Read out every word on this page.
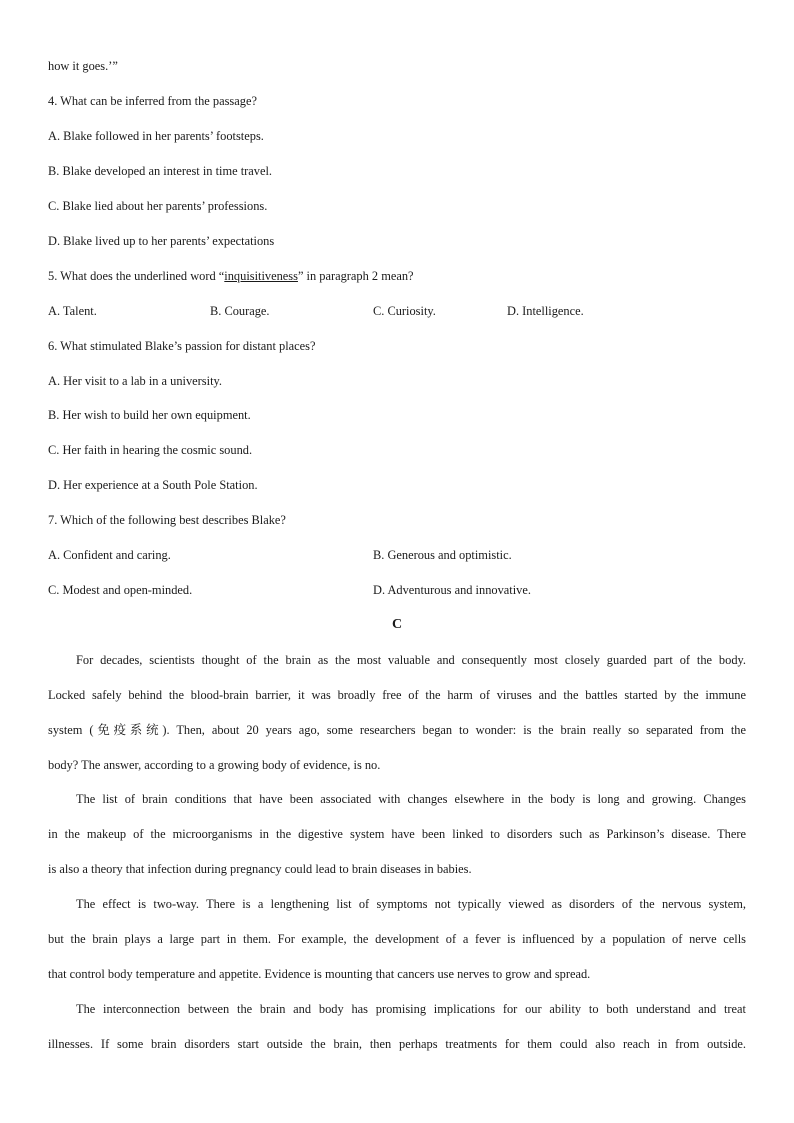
how it goes.’”
4. What can be inferred from the passage?
A. Blake followed in her parents’ footsteps.
B. Blake developed an interest in time travel.
C. Blake lied about her parents’ professions.
D. Blake lived up to her parents’ expectations
5. What does the underlined word “inquisitiveness” in paragraph 2 mean?
A. Talent.	B. Courage.	C. Curiosity.	D. Intelligence.
6. What stimulated Blake’s passion for distant places?
A. Her visit to a lab in a university.
B. Her wish to build her own equipment.
C. Her faith in hearing the cosmic sound.
D. Her experience at a South Pole Station.
7. Which of the following best describes Blake?
A. Confident and caring.	B. Generous and optimistic.
C. Modest and open-minded.	D. Adventurous and innovative.
C
For decades, scientists thought of the brain as the most valuable and consequently most closely guarded part of the body.
Locked safely behind the blood-brain barrier, it was broadly free of the harm of viruses and the battles started by the immune
system (免疫系统). Then, about 20 years ago, some researchers began to wonder: is the brain really so separated from the
body? The answer, according to a growing body of evidence, is no.
The list of brain conditions that have been associated with changes elsewhere in the body is long and growing. Changes
in the makeup of the microorganisms in the digestive system have been linked to disorders such as Parkinson’s disease. There
is also a theory that infection during pregnancy could lead to brain diseases in babies.
The effect is two-way. There is a lengthening list of symptoms not typically viewed as disorders of the nervous system,
but the brain plays a large part in them. For example, the development of a fever is influenced by a population of nerve cells
that control body temperature and appetite. Evidence is mounting that cancers use nerves to grow and spread.
The interconnection between the brain and body has promising implications for our ability to both understand and treat
illnesses. If some brain disorders start outside the brain, then perhaps treatments for them could also reach in from outside.
